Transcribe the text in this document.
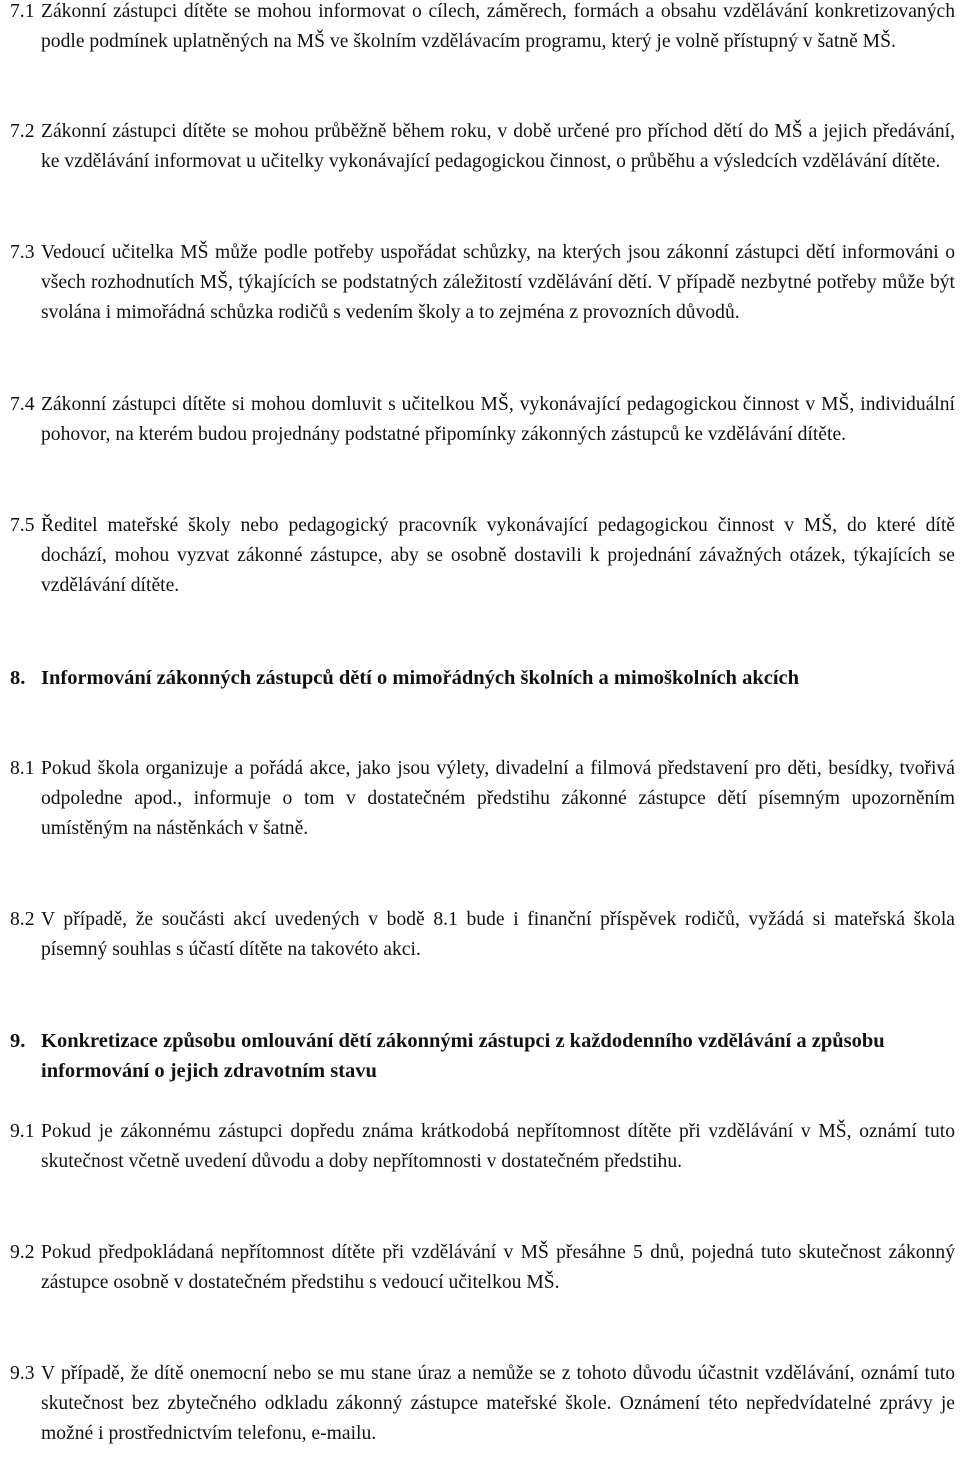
7.1 Zákonní zástupci dítěte se mohou informovat o cílech, záměrech, formách a obsahu vzdělávání konkretizovaných podle podmínek uplatněných na MŠ ve školním vzdělávacím programu, který je volně přístupný v šatně MŠ.
7.2 Zákonní zástupci dítěte se mohou průběžně během roku, v době určené pro příchod dětí do MŠ a jejich předávání, ke vzdělávání informovat u učitelky vykonávající pedagogickou činnost, o průběhu a výsledcích vzdělávání dítěte.
7.3 Vedoucí učitelka MŠ může podle potřeby uspořádat schůzky, na kterých jsou zákonní zástupci dětí informováni o všech rozhodnutích MŠ, týkajících se podstatných záležitostí vzdělávání dětí. V případě nezbytné potřeby může být svolána i mimořádná schůzka rodičů s vedením školy a to zejména z provozních důvodů.
7.4 Zákonní zástupci dítěte si mohou domluvit s učitelkou MŠ, vykonávající pedagogickou činnost v MŠ, individuální pohovor, na kterém budou projednány podstatné připomínky zákonných zástupců ke vzdělávání dítěte.
7.5 Ředitel mateřské školy nebo pedagogický pracovník vykonávající pedagogickou činnost v MŠ, do které dítě dochází, mohou vyzvat zákonné zástupce, aby se osobně dostavili k projednání závažných otázek, týkajících se vzdělávání dítěte.
8. Informování zákonných zástupců dětí o mimořádných školních a mimoškolních akcích
8.1 Pokud škola organizuje a pořádá akce, jako jsou výlety, divadelní a filmová představení pro děti, besídky, tvořivá odpoledne apod., informuje o tom v dostatečném předstihu zákonné zástupce dětí písemným upozorněním umístěným na nástěnkách v šatně.
8.2 V případě, že součásti akcí uvedených v bodě 8.1 bude i finanční příspěvek rodičů, vyžádá si mateřská škola písemný souhlas s účastí dítěte na takovéto akci.
9. Konkretizace způsobu omlouvání dětí zákonnými zástupci z každodenního vzdělávání a způsobu informování o jejich zdravotním stavu
9.1 Pokud je zákonnému zástupci dopředu známa krátkodobá nepřítomnost dítěte při vzdělávání v MŠ, oznámí tuto skutečnost včetně uvedení důvodu a doby nepřítomnosti v dostatečném předstihu.
9.2 Pokud předpokládaná nepřítomnost dítěte při vzdělávání v MŠ přesáhne 5 dnů, pojedná tuto skutečnost zákonný zástupce osobně v dostatečném předstihu s vedoucí učitelkou MŠ.
9.3 V případě, že dítě onemocní nebo se mu stane úraz a nemůže se z tohoto důvodu účastnit vzdělávání, oznámí tuto skutečnost bez zbytečného odkladu zákonný zástupce mateřské škole. Oznámení této nepředvídatelné zprávy je možné i prostřednictvím telefonu, e-mailu.
